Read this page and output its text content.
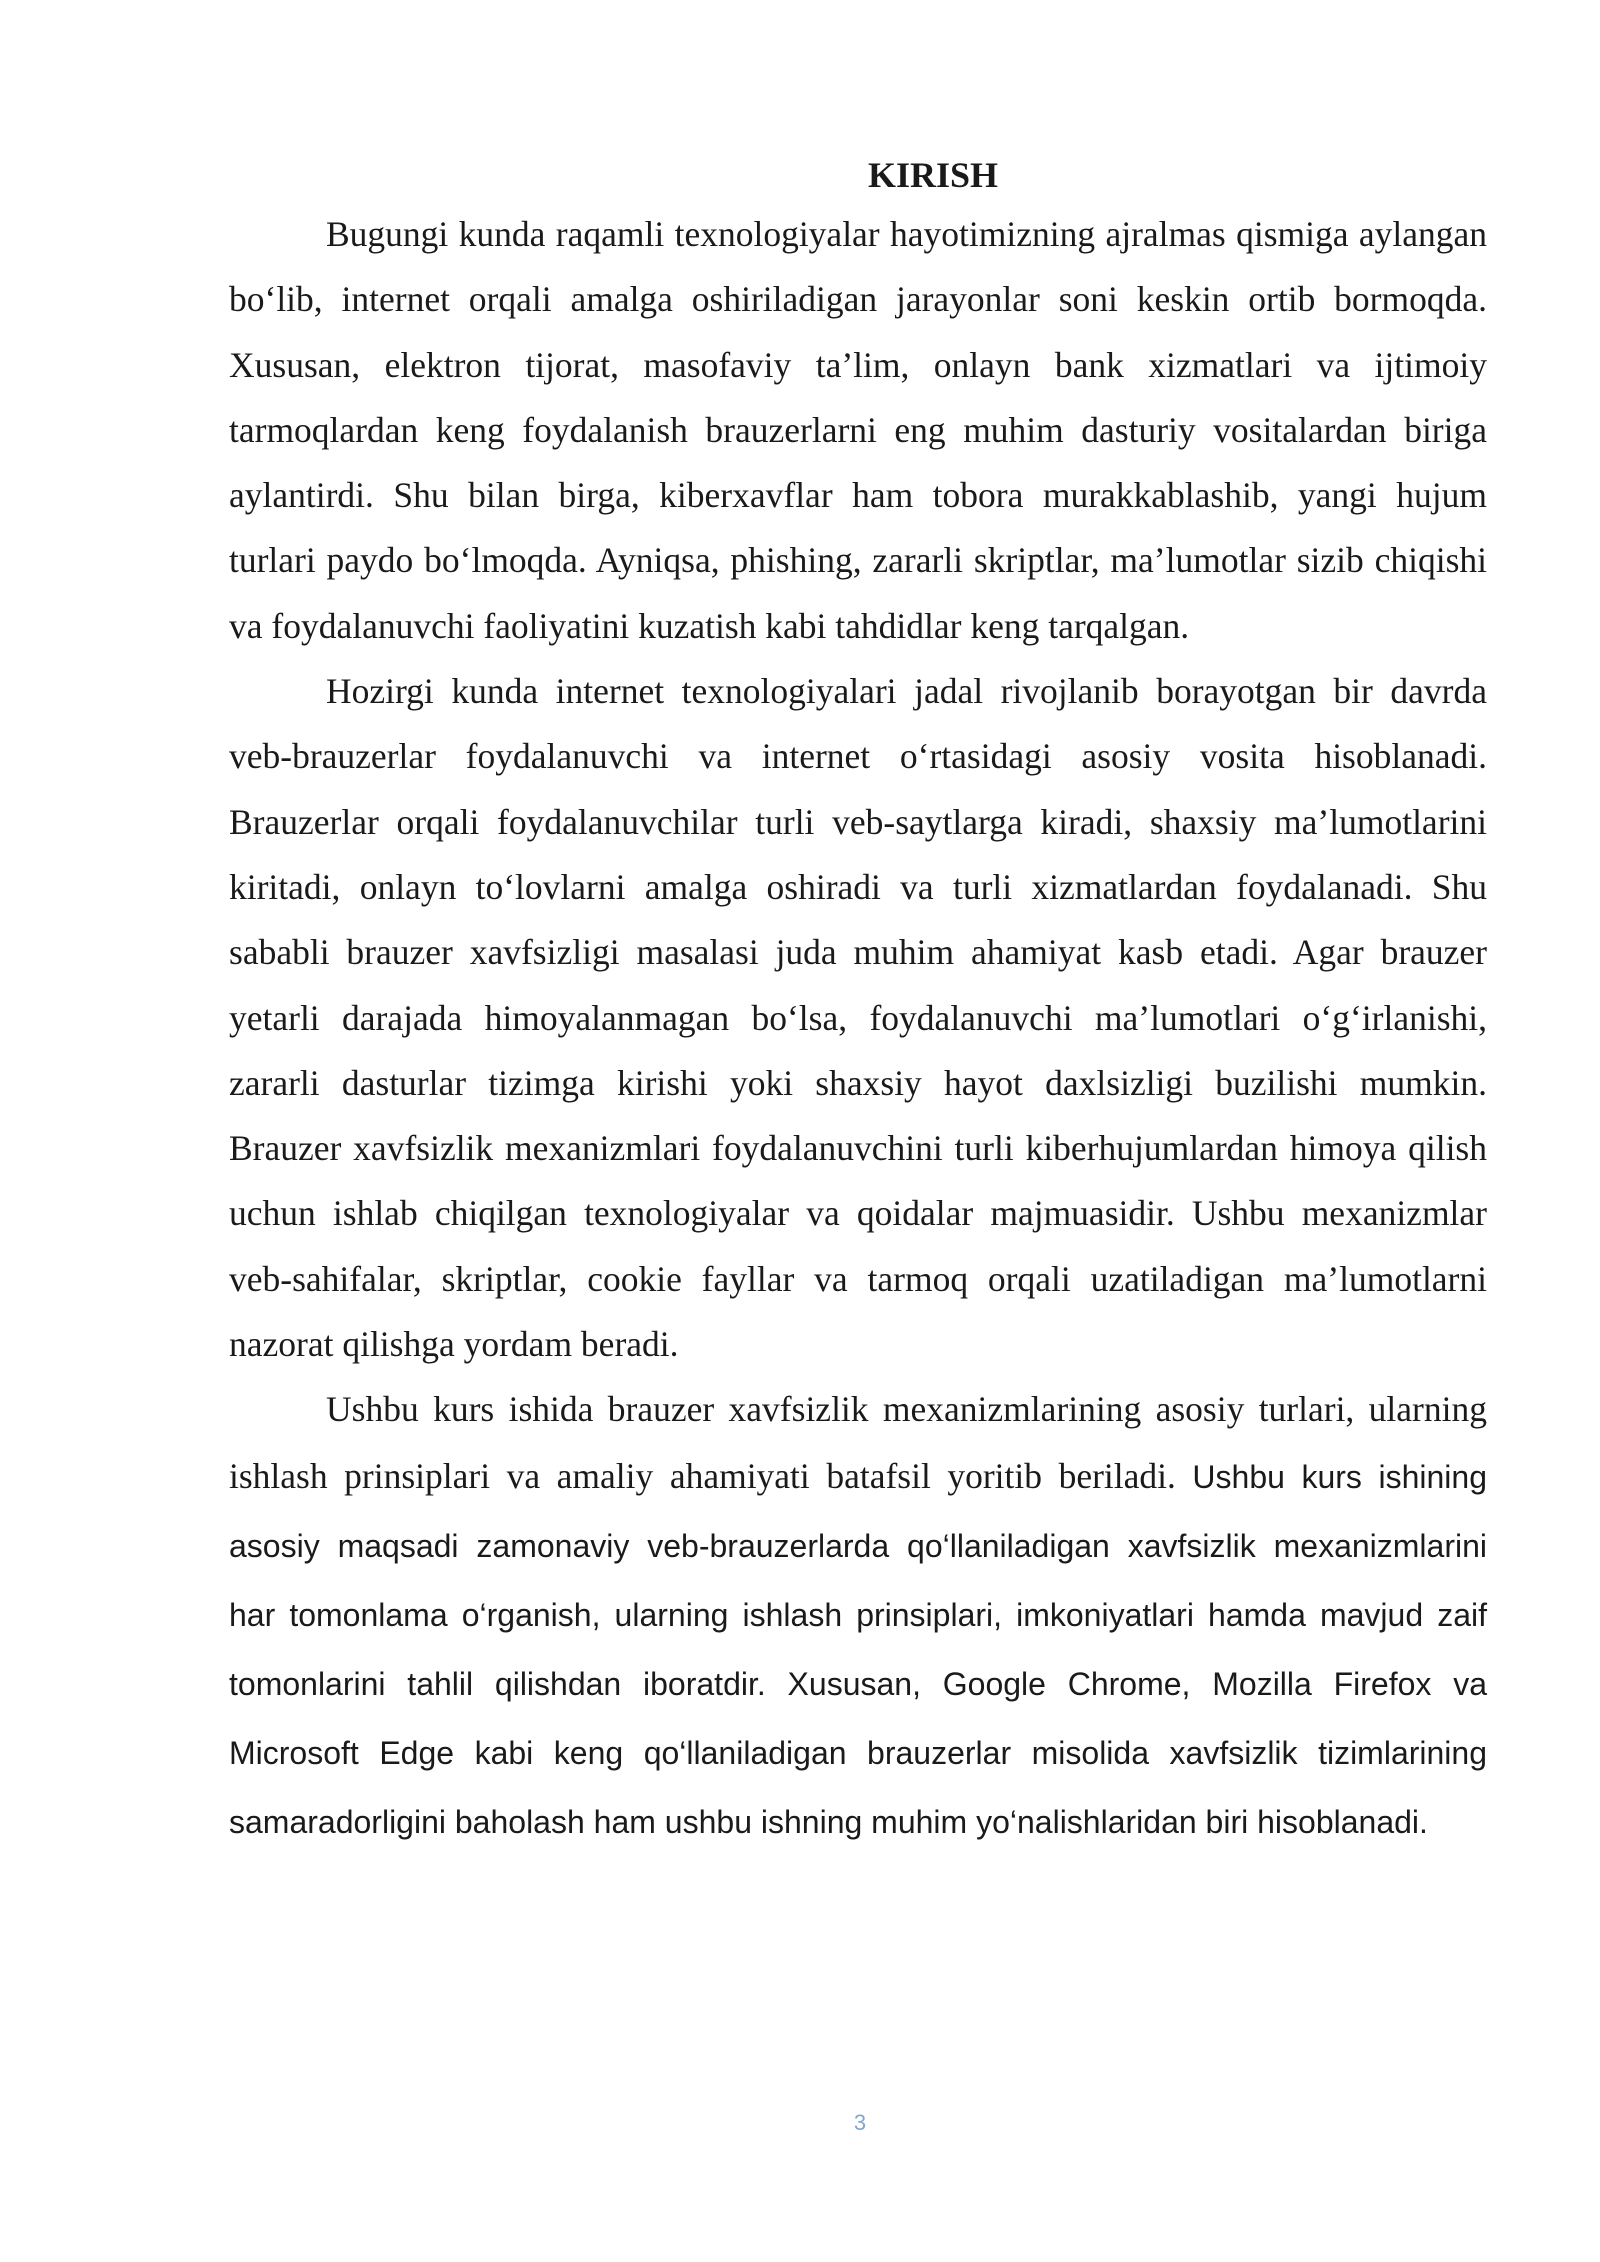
KIRISH

Bugungi kunda raqamli texnologiyalar hayotimizning ajralmas qismiga aylangan bo‘lib, internet orqali amalga oshiriladigan jarayonlar soni keskin ortib bormoqda. Xususan, elektron tijorat, masofaviy ta’lim, onlayn bank xizmatlari va ijtimoiy tarmoqlardan keng foydalanish brauzerlarni eng muhim dasturiy vositalardan biriga aylantirdi. Shu bilan birga, kiberxavflar ham tobora murakkablashib, yangi hujum turlari paydo bo‘lmoqda. Ayniqsa, phishing, zararli skriptlar, ma’lumotlar sizib chiqishi va foydalanuvchi faoliyatini kuzatish kabi tahdidlar keng tarqalgan.

Hozirgi kunda internet texnologiyalari jadal rivojlanib borayotgan bir davrda veb-brauzerlar foydalanuvchi va internet o‘rtasidagi asosiy vosita hisoblanadi. Brauzerlar orqali foydalanuvchilar turli veb-saytlarga kiradi, shaxsiy ma’lumotlarini kiritadi, onlayn to‘lovlarni amalga oshiradi va turli xizmatlardan foydalanadi. Shu sababli brauzer xavfsizligi masalasi juda muhim ahamiyat kasb etadi. Agar brauzer yetarli darajada himoyalanmagan bo‘lsa, foydalanuvchi ma’lumotlari o‘g‘irlanishi, zararli dasturlar tizimga kirishi yoki shaxsiy hayot daxlsizligi buzilishi mumkin. Brauzer xavfsizlik mexanizmlari foydalanuvchini turli kiberhujumlardan himoya qilish uchun ishlab chiqilgan texnologiyalar va qoidalar majmuasidir. Ushbu mexanizmlar veb-sahifalar, skriptlar, cookie fayllar va tarmoq orqali uzatiladigan ma’lumotlarni nazorat qilishga yordam beradi.

Ushbu kurs ishida brauzer xavfsizlik mexanizmlarining asosiy turlari, ularning ishlash prinsiplari va amaliy ahamiyati batafsil yoritib beriladi. Ushbu kurs ishining asosiy maqsadi zamonaviy veb-brauzerlarda qo‘llaniladigan xavfsizlik mexanizmlarini har tomonlama o‘rganish, ularning ishlash prinsiplari, imkoniyatlari hamda mavjud zaif tomonlarini tahlil qilishdan iboratdir. Xususan, Google Chrome, Mozilla Firefox va Microsoft Edge kabi keng qo‘llaniladigan brauzerlar misolida xavfsizlik tizimlarining samaradorligini baholash ham ushbu ishning muhim yo‘nalishlaridan biri hisoblanadi.

3
